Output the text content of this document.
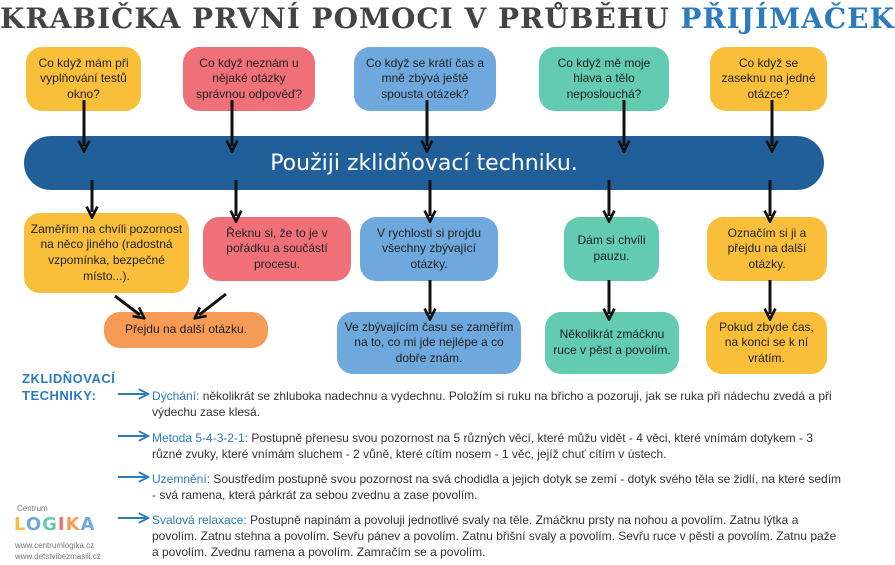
KRABIČKA PRVNÍ POMOCI V PRŮBĚHU PŘIJÍMAČEK
Co když mám při vyplňování testů okno?
Co když neznám u nějaké otázky správnou odpověď?
Co když se krátí čas a mně zbývá ještě spousta otázek?
Co když mě moje hlava a tělo neposlouchá?
Co když se zaseknu na jedné otázce?
Použiji zklidňovací techniku.
Zaměřím na chvíli pozornost na něco jiného (radostná vzpomínka, bezpečné místo...).
Řeknu si, že to je v pořádku a součástí procesu.
V rychlosti si projdu všechny zbývající otázky.
Dám si chvíli pauzu.
Označím si ji a přejdu na další otázky.
Přejdu na další otázku.	Ve zbývajícím času se zaměřím na to, co mi jde nejlépe a co dobře znám.
Několikrát zmáčknu ruce v pěst a povolím.
Pokud zbyde čas, na konci se k ní vrátím.
ZKLIDŇOVACÍ
TECHNIKY:	Dýchání: několikrát se zhluboka nadechnu a vydechnu. Položím si ruku na břicho a pozoruji, jak se ruka při nádechu zvedá a při výdechu zase klesá.
Metoda 5-4-3-2-1: Postupně přenesu svou pozornost na 5 různých věcí, které můžu vidět - 4 věci, které vnímám dotykem - 3 různé zvuky, které vnímám sluchem - 2 vůně, které cítím nosem - 1 věc, jejíž chuť cítím v ústech.
Uzemnění: Soustředím postupně svou pozornost na svá chodidla a jejich dotyk se zemí - dotyk svého těla se židlí, na které sedím - svá ramena, která párkrát za sebou zvednu a zase povolím.
Svalová relaxace: Postupně napínám a povoluji jednotlivé svaly na těle. Zmáčknu prsty na nohou a povolím. Zatnu lýtka a povolím. Zatnu stehna a povolím. Sevřu pánev a povolím. Zatnu břišní svaly a povolím. Sevřu ruce v pěsti a povolím. Zatnu paže a povolím. Zvednu ramena a povolím. Zamračím se a povolím.
Centrum
LOGIKA
www.centrumlogika.cz
www.detstvibezmasili.cz
